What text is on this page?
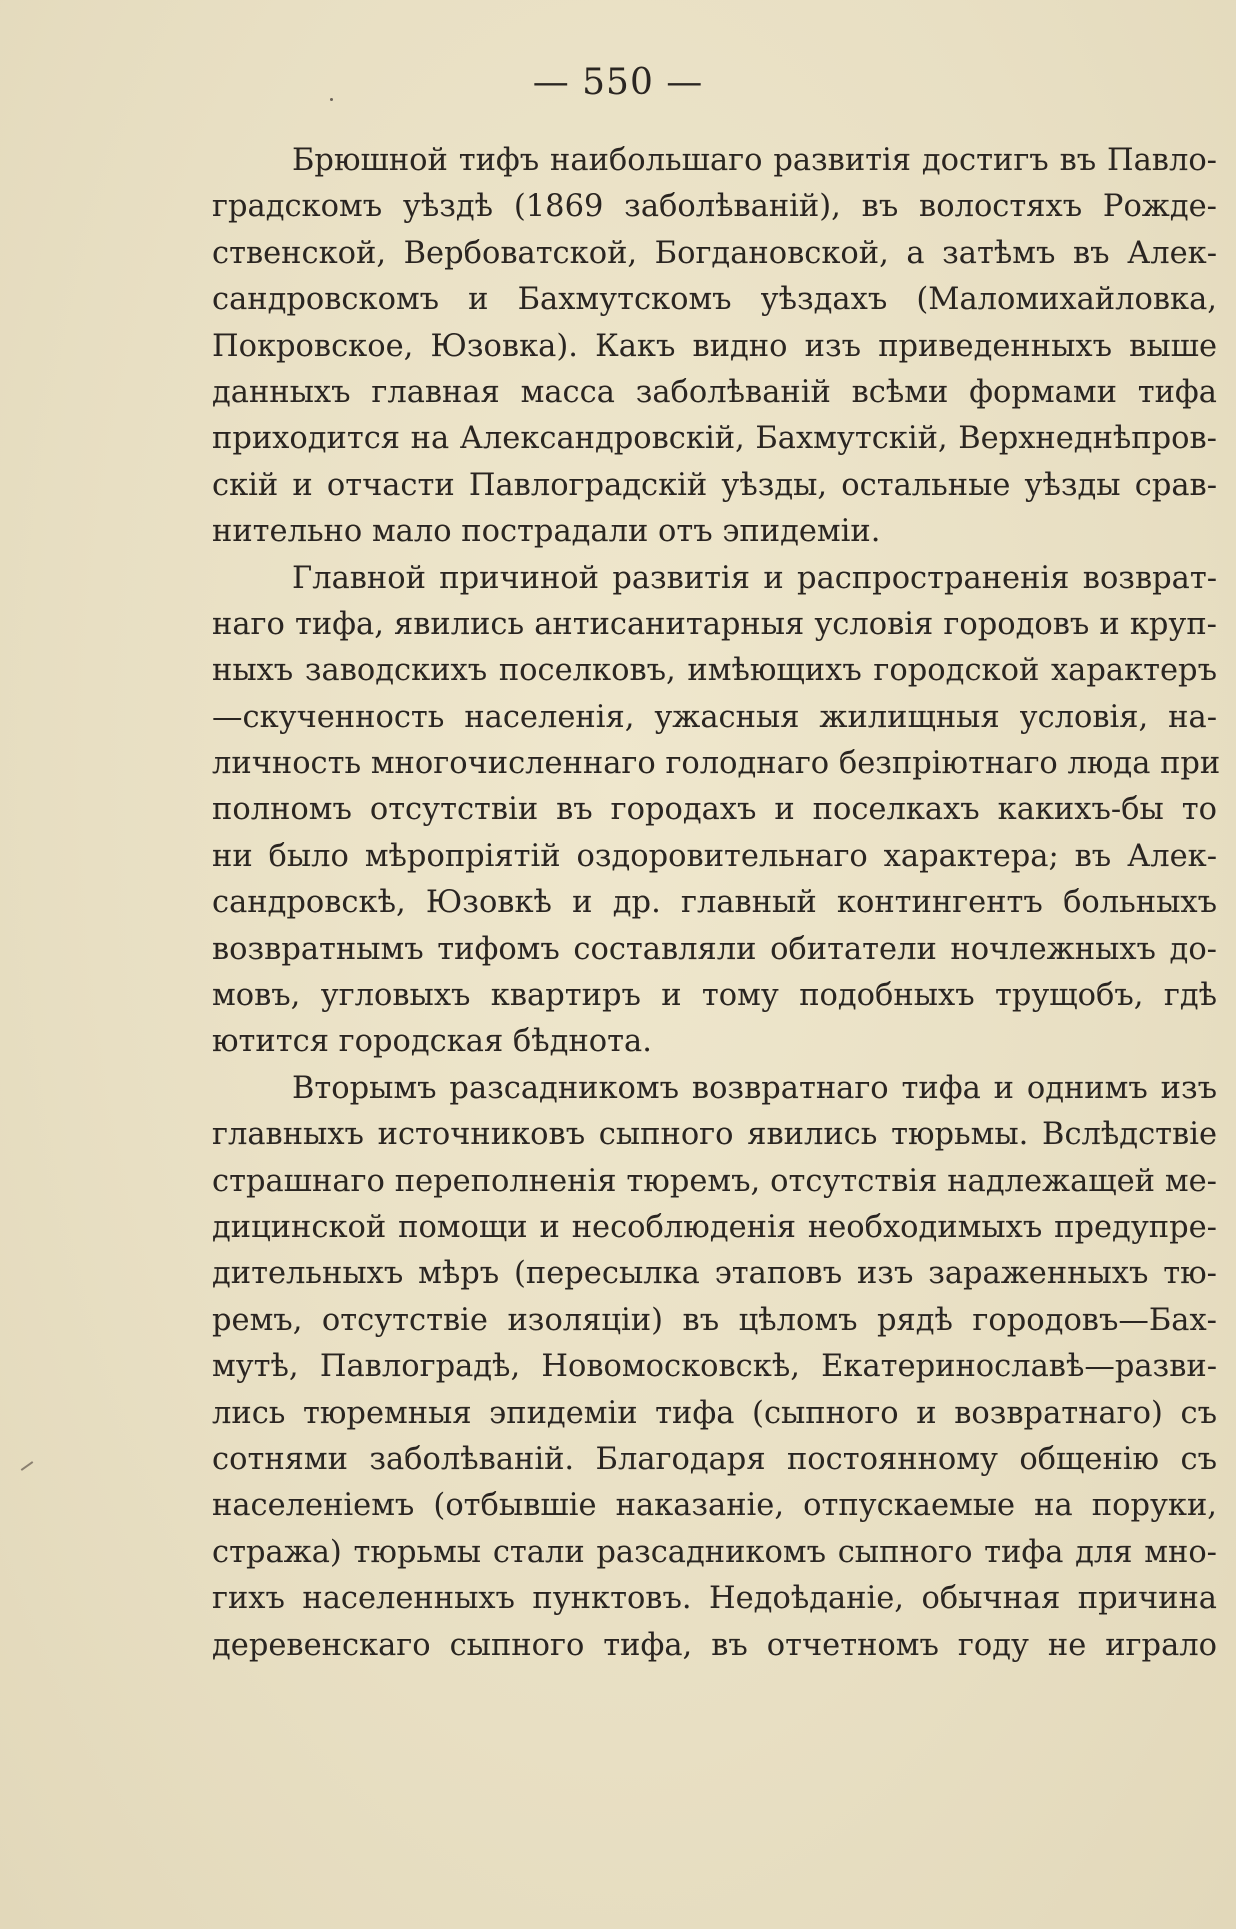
— 550 —
Брюшной тифъ наибольшаго развитія достигъ въ Павло-
градскомъ уѣздѣ (1869 заболѣваній), въ волостяхъ Рожде-
ственской, Вербоватской, Богдановской, а затѣмъ въ Алек-
сандровскомъ и Бахмутскомъ уѣздахъ (Маломихайловка,
Покровское, Юзовка). Какъ видно изъ приведенныхъ выше
данныхъ главная масса заболѣваній всѣми формами тифа
приходится на Александровскій, Бахмутскій, Верхнеднѣпров-
скій и отчасти Павлоградскій уѣзды, остальные уѣзды срав-
нительно мало пострадали отъ эпидеміи.
Главной причиной развитія и распространенія возврат-
наго тифа, явились антисанитарныя условія городовъ и круп-
ныхъ заводскихъ поселковъ, имѣющихъ городской характеръ
—скученность населенія, ужасныя жилищныя условія, на-
личность многочисленнаго голоднаго безпріютнаго люда при
полномъ отсутствіи въ городахъ и поселкахъ какихъ-бы то
ни было мѣропріятій оздоровительнаго характера; въ Алек-
сандровскѣ, Юзовкѣ и др. главный контингентъ больныхъ
возвратнымъ тифомъ составляли обитатели ночлежныхъ до-
мовъ, угловыхъ квартиръ и тому подобныхъ трущобъ, гдѣ
ютится городская бѣднота.
Вторымъ разсадникомъ возвратнаго тифа и однимъ изъ
главныхъ источниковъ сыпного явились тюрьмы. Вслѣдствіе
страшнаго переполненія тюремъ, отсутствія надлежащей ме-
дицинской помощи и несоблюденія необходимыхъ предупре-
дительныхъ мѣръ (пересылка этаповъ изъ зараженныхъ тю-
ремъ, отсутствіе изоляціи) въ цѣломъ рядѣ городовъ—Бах-
мутѣ, Павлоградѣ, Новомосковскѣ, Екатеринославѣ—разви-
лись тюремныя эпидеміи тифа (сыпного и возвратнаго) съ
сотнями заболѣваній. Благодаря постоянному общенію съ
населеніемъ (отбывшіе наказаніе, отпускаемые на поруки,
стража) тюрьмы стали разсадникомъ сыпного тифа для мно-
гихъ населенныхъ пунктовъ. Недоѣданіе, обычная причина
деревенскаго сыпного тифа, въ отчетномъ году не играло
